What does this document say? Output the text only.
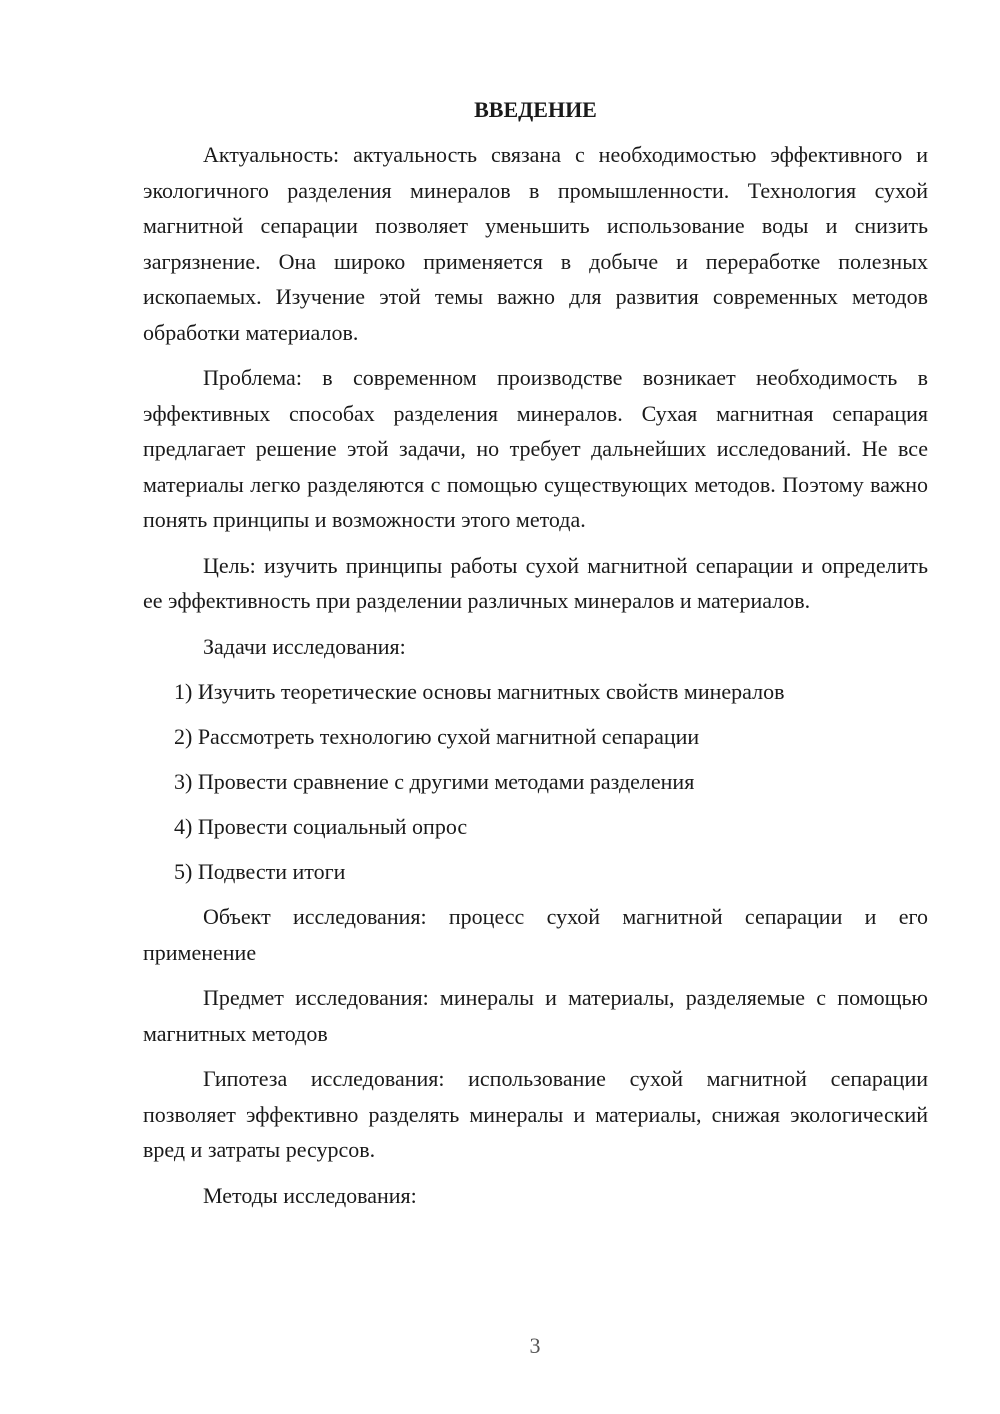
ВВЕДЕНИЕ

Актуальность: актуальность связана с необходимостью эффективного и экологичного разделения минералов в промышленности. Технология сухой магнитной сепарации позволяет уменьшить использование воды и снизить загрязнение. Она широко применяется в добыче и переработке полезных ископаемых. Изучение этой темы важно для развития современных методов обработки материалов.

Проблема: в современном производстве возникает необходимость в эффективных способах разделения минералов. Сухая магнитная сепарация предлагает решение этой задачи, но требует дальнейших исследований. Не все материалы легко разделяются с помощью существующих методов. Поэтому важно понять принципы и возможности этого метода.

Цель: изучить принципы работы сухой магнитной сепарации и определить ее эффективность при разделении различных минералов и материалов.

Задачи исследования:

1) Изучить теоретические основы магнитных свойств минералов
2) Рассмотреть технологию сухой магнитной сепарации
3) Провести сравнение с другими методами разделения
4) Провести социальный опрос
5) Подвести итоги

Объект исследования: процесс сухой магнитной сепарации и его применение

Предмет исследования: минералы и материалы, разделяемые с помощью магнитных методов

Гипотеза исследования: использование сухой магнитной сепарации позволяет эффективно разделять минералы и материалы, снижая экологический вред и затраты ресурсов.

Методы исследования:

3
